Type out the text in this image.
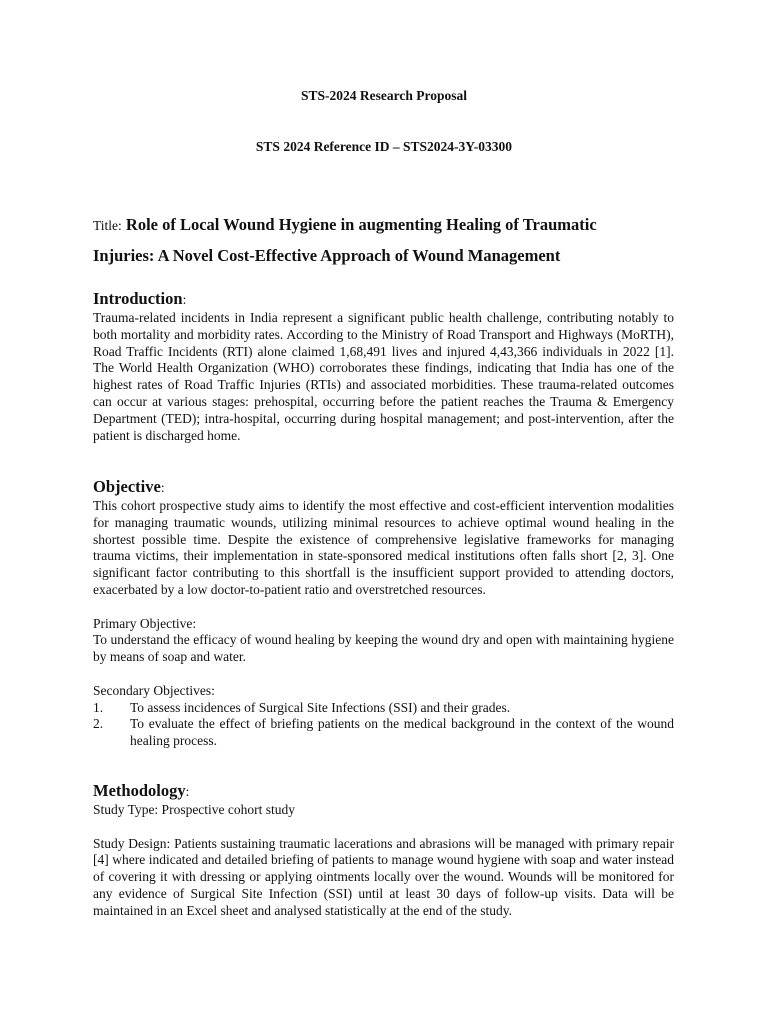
STS-2024 Research Proposal
STS 2024 Reference ID – STS2024-3Y-03300

Title: Role of Local Wound Hygiene in augmenting Healing of Traumatic

Injuries: A Novel Cost-Effective Approach of Wound Management

Introduction:

Trauma-related incidents in India represent a significant public health challenge, contributing notably to both mortality and morbidity rates. According to the Ministry of Road Transport and Highways (MoRTH), Road Traffic Incidents (RTI) alone claimed 1,68,491 lives and injured 4,43,366 individuals in 2022 [1]. The World Health Organization (WHO) corroborates these findings, indicating that India has one of the highest rates of Road Traffic Injuries (RTIs) and associated morbidities. These trauma-related outcomes can occur at various stages: prehospital, occurring before the patient reaches the Trauma & Emergency Department (TED); intra-hospital, occurring during hospital management; and post-intervention, after the patient is discharged home.

Objective:

This cohort prospective study aims to identify the most effective and cost-efficient intervention modalities for managing traumatic wounds, utilizing minimal resources to achieve optimal wound healing in the shortest possible time. Despite the existence of comprehensive legislative frameworks for managing trauma victims, their implementation in state-sponsored medical institutions often falls short [2, 3]. One significant factor contributing to this shortfall is the insufficient support provided to attending doctors, exacerbated by a low doctor-to-patient ratio and overstretched resources.

Primary Objective:

To understand the efficacy of wound healing by keeping the wound dry and open with maintaining hygiene by means of soap and water.

Secondary Objectives:

1.	To assess incidences of Surgical Site Infections (SSI) and their grades.
2.	To evaluate the effect of briefing patients on the medical background in the context of the wound healing process.
Methodology:

Study Type: Prospective cohort study

Study Design: Patients sustaining traumatic lacerations and abrasions will be managed with primary repair [4] where indicated and detailed briefing of patients to manage wound hygiene with soap and water instead of covering it with dressing or applying ointments locally over the wound. Wounds will be monitored for any evidence of Surgical Site Infection (SSI) until at least 30 days of follow-up visits. Data will be maintained in an Excel sheet and analysed statistically at the end of the study.
